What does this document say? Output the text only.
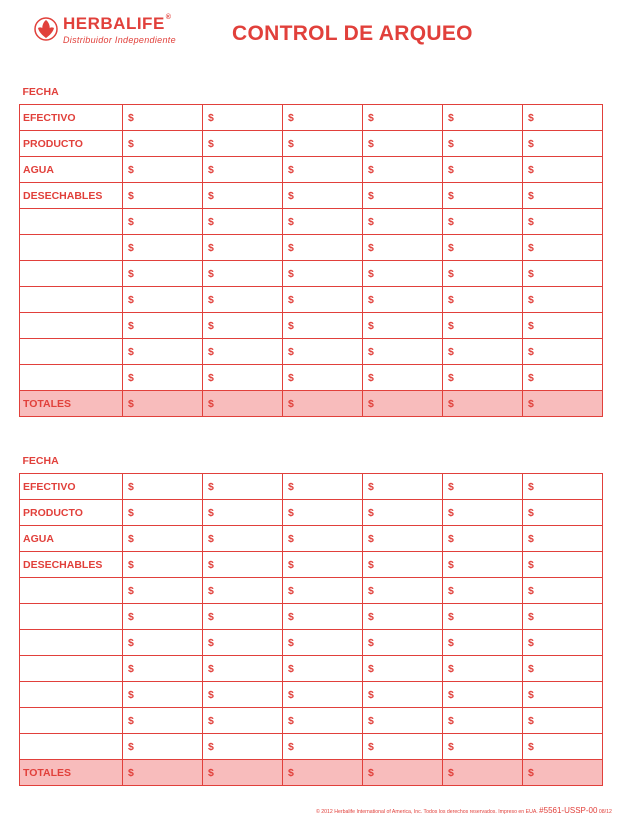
HERBALIFE®
Distribuidor Independiente	CONTROL DE ARQUEO
FECHA						
EFECTIVO	$	$	$	$	$	$
PRODUCTO	$	$	$	$	$	$
AGUA	$	$	$	$	$	$
DESECHABLES	$	$	$	$	$	$
	$	$	$	$	$	$
	$	$	$	$	$	$
	$	$	$	$	$	$
	$	$	$	$	$	$
	$	$	$	$	$	$
	$	$	$	$	$	$
	$	$	$	$	$	$
TOTALES	$	$	$	$	$	$
FECHA						
EFECTIVO	$	$	$	$	$	$
PRODUCTO	$	$	$	$	$	$
AGUA	$	$	$	$	$	$
DESECHABLES	$	$	$	$	$	$
	$	$	$	$	$	$
	$	$	$	$	$	$
	$	$	$	$	$	$
	$	$	$	$	$	$
	$	$	$	$	$	$
	$	$	$	$	$	$
	$	$	$	$	$	$
TOTALES	$	$	$	$	$	$
© 2012 Herbalife International of America, Inc. Todos los derechos reservados. Impreso en EUA. #5561-USSP-00 08/12
